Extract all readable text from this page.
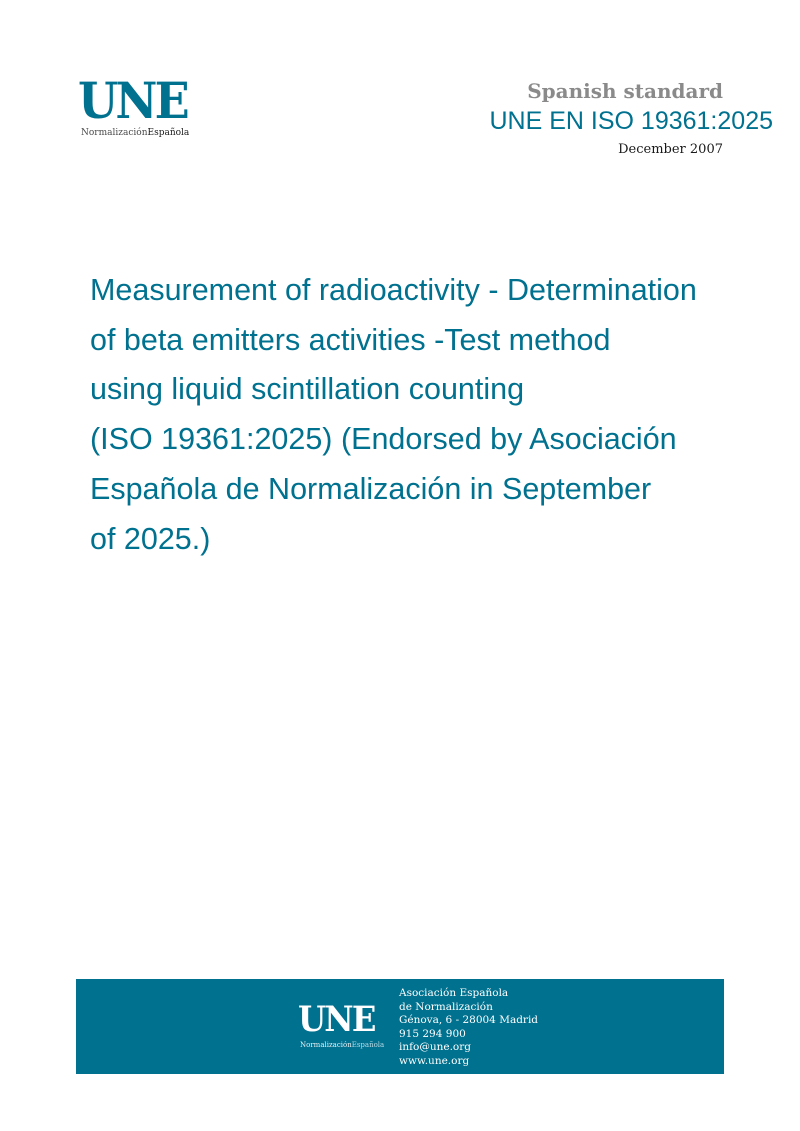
UNE
NormalizaciónEspañola
Spanish standard
UNE EN ISO 19361:2025
December 2007
Measurement of radioactivity - Determination
of beta emitters activities -Test method
using liquid scintillation counting
(ISO 19361:2025) (Endorsed by Asociación
Española de Normalización in September
of 2025.)
UNE
NormalizaciónEspañola
Asociación Española
de Normalización
Génova, 6 - 28004 Madrid
915 294 900
info@une.org
www.une.org
